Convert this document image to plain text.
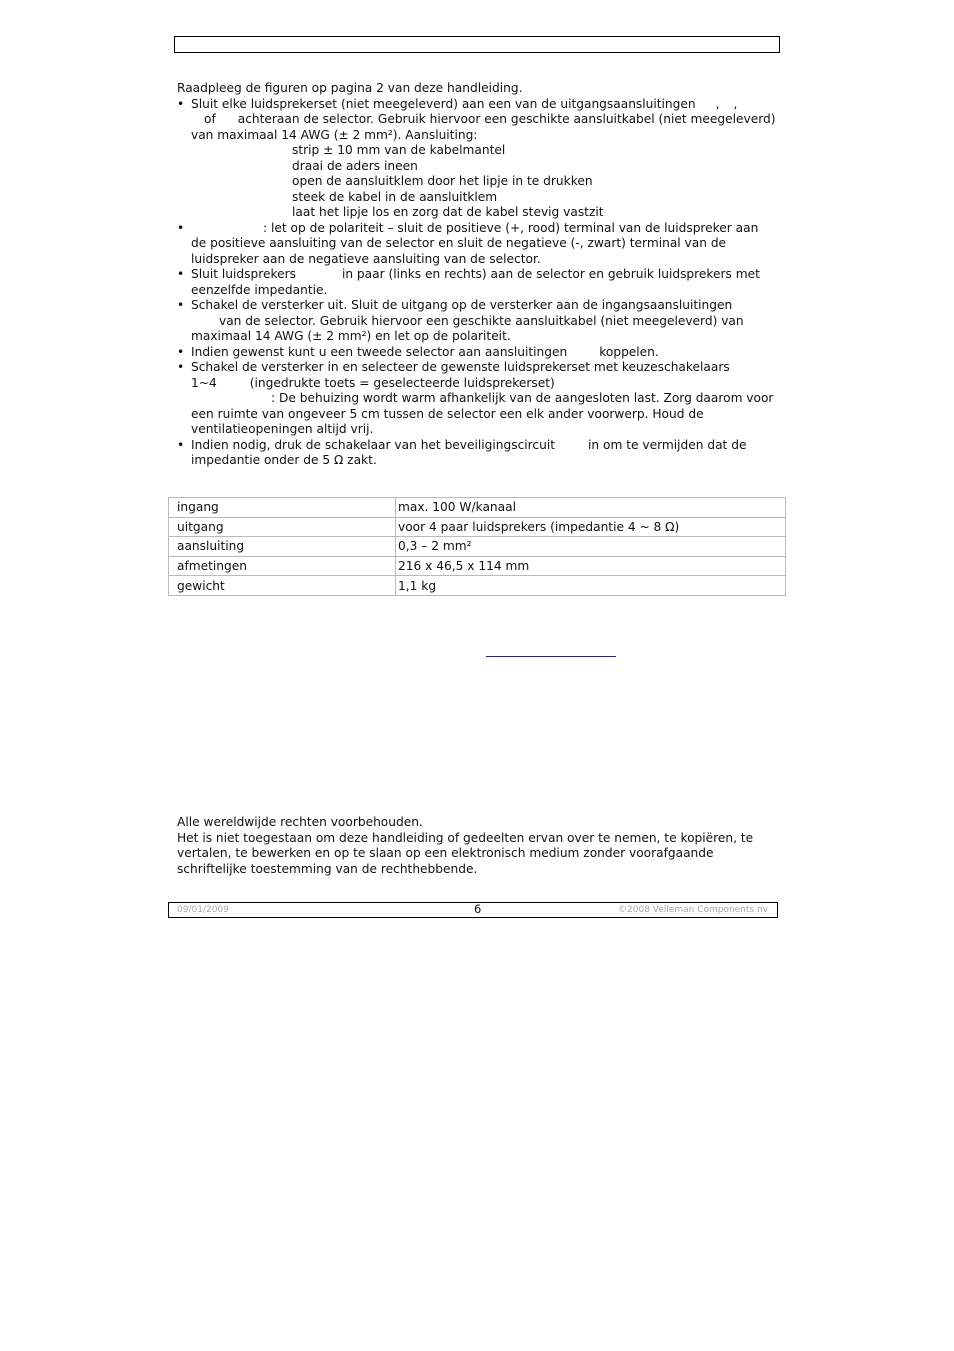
Raadpleeg de figuren op pagina 2 van deze handleiding.

• Sluit elke luidsprekerset (niet meegeleverd) aan een van de uitgangsaansluitingen , ,
of achteraan de selector. Gebruik hiervoor een geschikte aansluitkabel (niet meegeleverd) van maximaal 14 AWG (± 2 mm²). Aansluiting:
strip ± 10 mm van de kabelmantel
draai de aders ineen
open de aansluitklem door het lipje in te drukken
steek de kabel in de aansluitklem
laat het lipje los en zorg dat de kabel stevig vastzit
• : let op de polariteit – sluit de positieve (+, rood) terminal van de luidspreker aan de positieve aansluiting van de selector en sluit de negatieve (-, zwart) terminal van de luidspreker aan de negatieve aansluiting van de selector.
• Sluit luidsprekers	in paar (links en rechts) aan de selector en gebruik luidsprekers met eenzelfde impedantie.
• Schakel de versterker uit. Sluit de uitgang op de versterker aan de ingangsaansluitingen
van de selector. Gebruik hiervoor een geschikte aansluitkabel (niet meegeleverd) van maximaal 14 AWG (± 2 mm²) en let op de polariteit.
• Indien gewenst kunt u een tweede selector aan aansluitingen	koppelen.
• Schakel de versterker in en selecteer de gewenste luidsprekerset met keuzeschakelaars
1~4	(ingedrukte toets = geselecteerde luidsprekerset)
: De behuizing wordt warm afhankelijk van de aangesloten last. Zorg daarom voor een ruimte van ongeveer 5 cm tussen de selector een elk ander voorwerp. Houd de ventilatieopeningen altijd vrij.
• Indien nodig, druk de schakelaar van het beveiligingscircuit	in om te vermijden dat de impedantie onder de 5 Ω zakt.
ingang	max. 100 W/kanaal
uitgang	voor 4 paar luidsprekers (impedantie 4 ~ 8 Ω)
aansluiting	0,3 – 2 mm²
afmetingen	216 x 46,5 x 114 mm
gewicht	1,1 kg

Alle wereldwijde rechten voorbehouden.

Het is niet toegestaan om deze handleiding of gedeelten ervan over te nemen, te kopiëren, te vertalen, te bewerken en op te slaan op een elektronisch medium zonder voorafgaande schriftelijke toestemming van de rechthebbende.

09/01/2009	6	©2008 Velleman Components nv
